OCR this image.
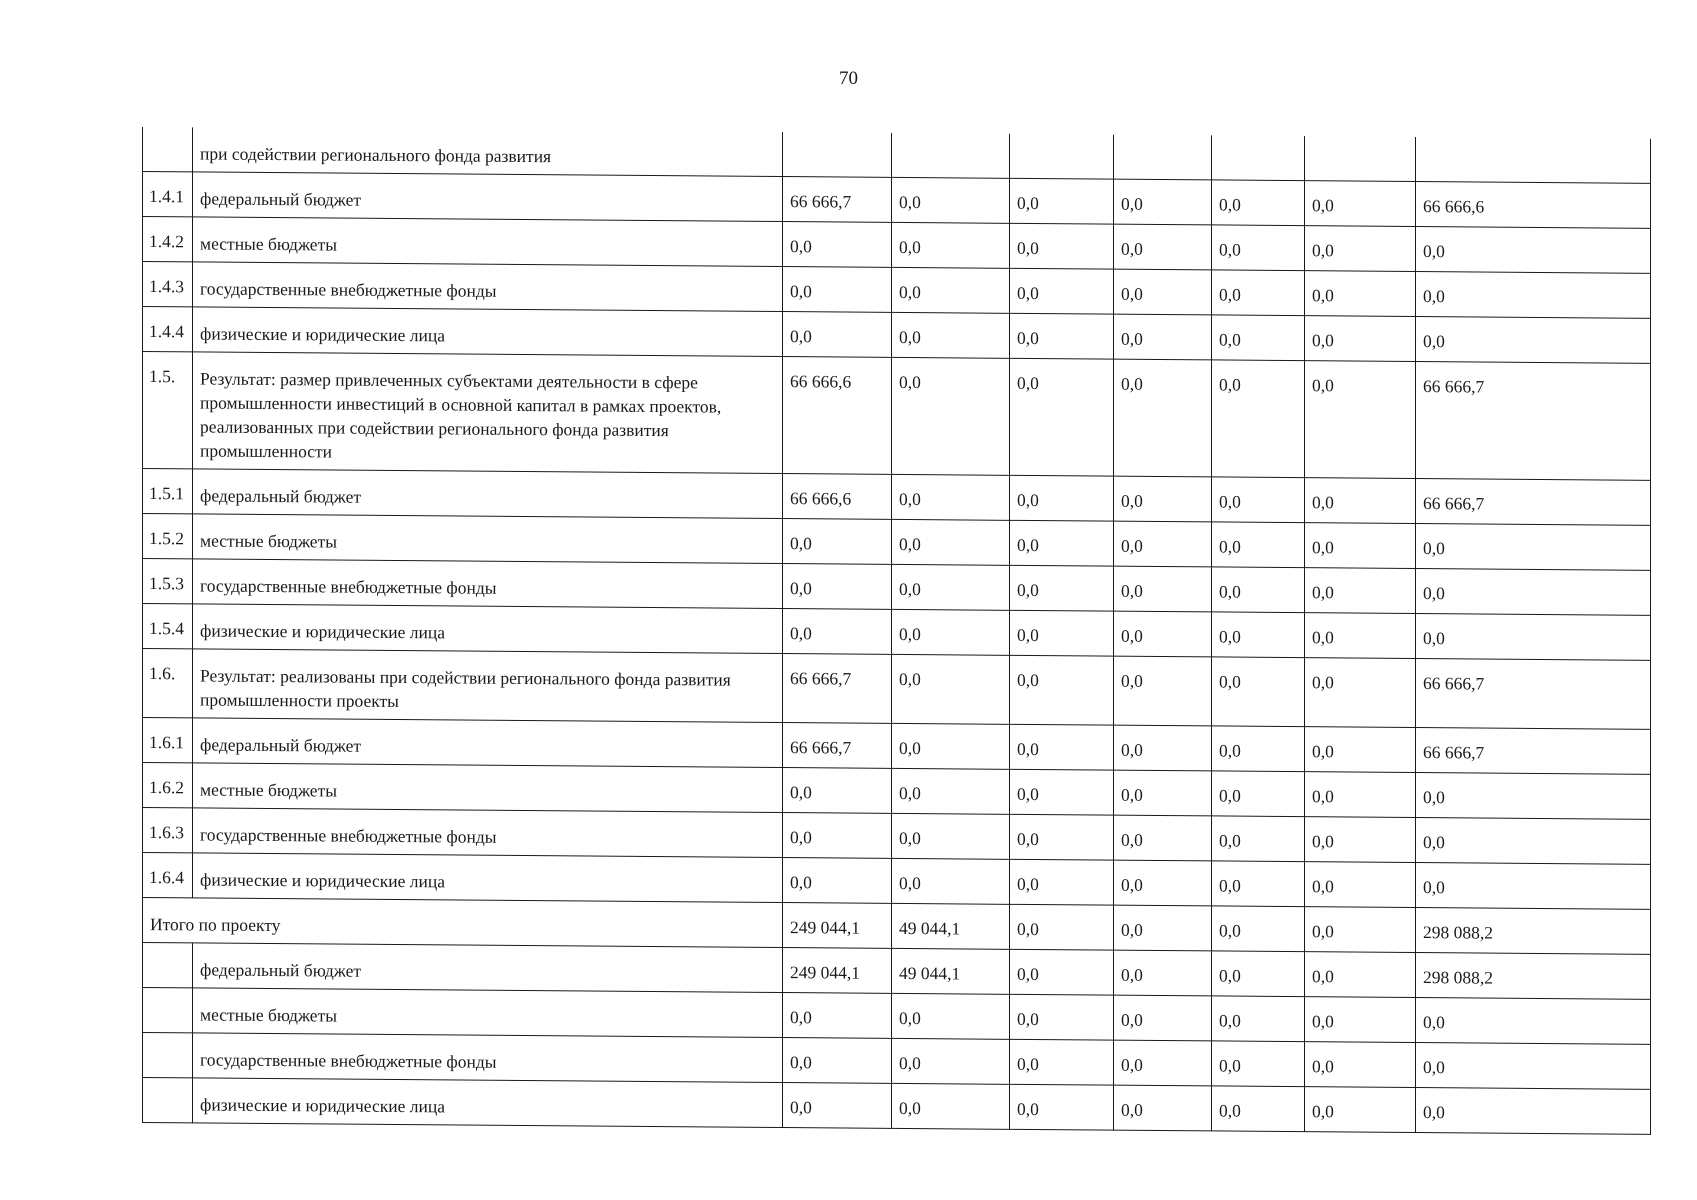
70
	при содействии регионального фонда развития							
1.4.1	федеральный бюджет	66 666,7	0,0	0,0	0,0	0,0	0,0	66 666,6
1.4.2	местные бюджеты	0,0	0,0	0,0	0,0	0,0	0,0	0,0
1.4.3	государственные внебюджетные фонды	0,0	0,0	0,0	0,0	0,0	0,0	0,0
1.4.4	физические и юридические лица	0,0	0,0	0,0	0,0	0,0	0,0	0,0
1.5.	Результат: размер привлеченных субъектами деятельности в сфере промышленности инвестиций в основной капитал в рамках проектов, реализованных при содействии регионального фонда развития промышленности	66 666,6	0,0	0,0	0,0	0,0	0,0	66 666,7
1.5.1	федеральный бюджет	66 666,6	0,0	0,0	0,0	0,0	0,0	66 666,7
1.5.2	местные бюджеты	0,0	0,0	0,0	0,0	0,0	0,0	0,0
1.5.3	государственные внебюджетные фонды	0,0	0,0	0,0	0,0	0,0	0,0	0,0
1.5.4	физические и юридические лица	0,0	0,0	0,0	0,0	0,0	0,0	0,0
1.6.	Результат: реализованы при содействии регионального фонда развития промышленности проекты	66 666,7	0,0	0,0	0,0	0,0	0,0	66 666,7
1.6.1	федеральный бюджет	66 666,7	0,0	0,0	0,0	0,0	0,0	66 666,7
1.6.2	местные бюджеты	0,0	0,0	0,0	0,0	0,0	0,0	0,0
1.6.3	государственные внебюджетные фонды	0,0	0,0	0,0	0,0	0,0	0,0	0,0
1.6.4	физические и юридические лица	0,0	0,0	0,0	0,0	0,0	0,0	0,0
Итого по проекту		249 044,1	49 044,1	0,0	0,0	0,0	0,0	298 088,2
	федеральный бюджет	249 044,1	49 044,1	0,0	0,0	0,0	0,0	298 088,2
	местные бюджеты	0,0	0,0	0,0	0,0	0,0	0,0	0,0
	государственные внебюджетные фонды	0,0	0,0	0,0	0,0	0,0	0,0	0,0
	физические и юридические лица	0,0	0,0	0,0	0,0	0,0	0,0	0,0
